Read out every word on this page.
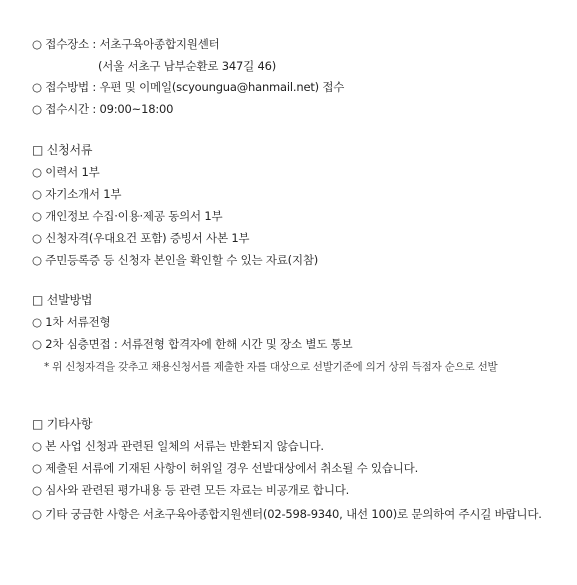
○ 접수장소 : 서초구육아종합지원센터
(서울 서초구 남부순환로 347길 46)
○ 접수방법 : 우편 및 이메일(scyoungua@hanmail.net) 접수
○ 접수시간 : 09:00~18:00
□ 신청서류
○ 이력서 1부
○ 자기소개서 1부
○ 개인정보 수집·이용·제공 동의서 1부
○ 신청자격(우대요건 포함) 증빙서 사본 1부
○ 주민등록증 등 신청자 본인을 확인할 수 있는 자료(지참)
□ 선발방법
○ 1차 서류전형
○ 2차 심층면접 : 서류전형 합격자에 한해 시간 및 장소 별도 통보
* 위 신청자격을 갖추고 채용신청서를 제출한 자를 대상으로 선발기준에 의거 상위 득점자 순으로 선발
□ 기타사항
○ 본 사업 신청과 관련된 일체의 서류는 반환되지 않습니다.
○ 제출된 서류에 기재된 사항이 허위일 경우 선발대상에서 취소될 수 있습니다.
○ 심사와 관련된 평가내용 등 관련 모든 자료는 비공개로 합니다.
○ 기타 궁금한 사항은 서초구육아종합지원센터(02-598-9340, 내선 100)로 문의하여 주시길 바랍니다.
